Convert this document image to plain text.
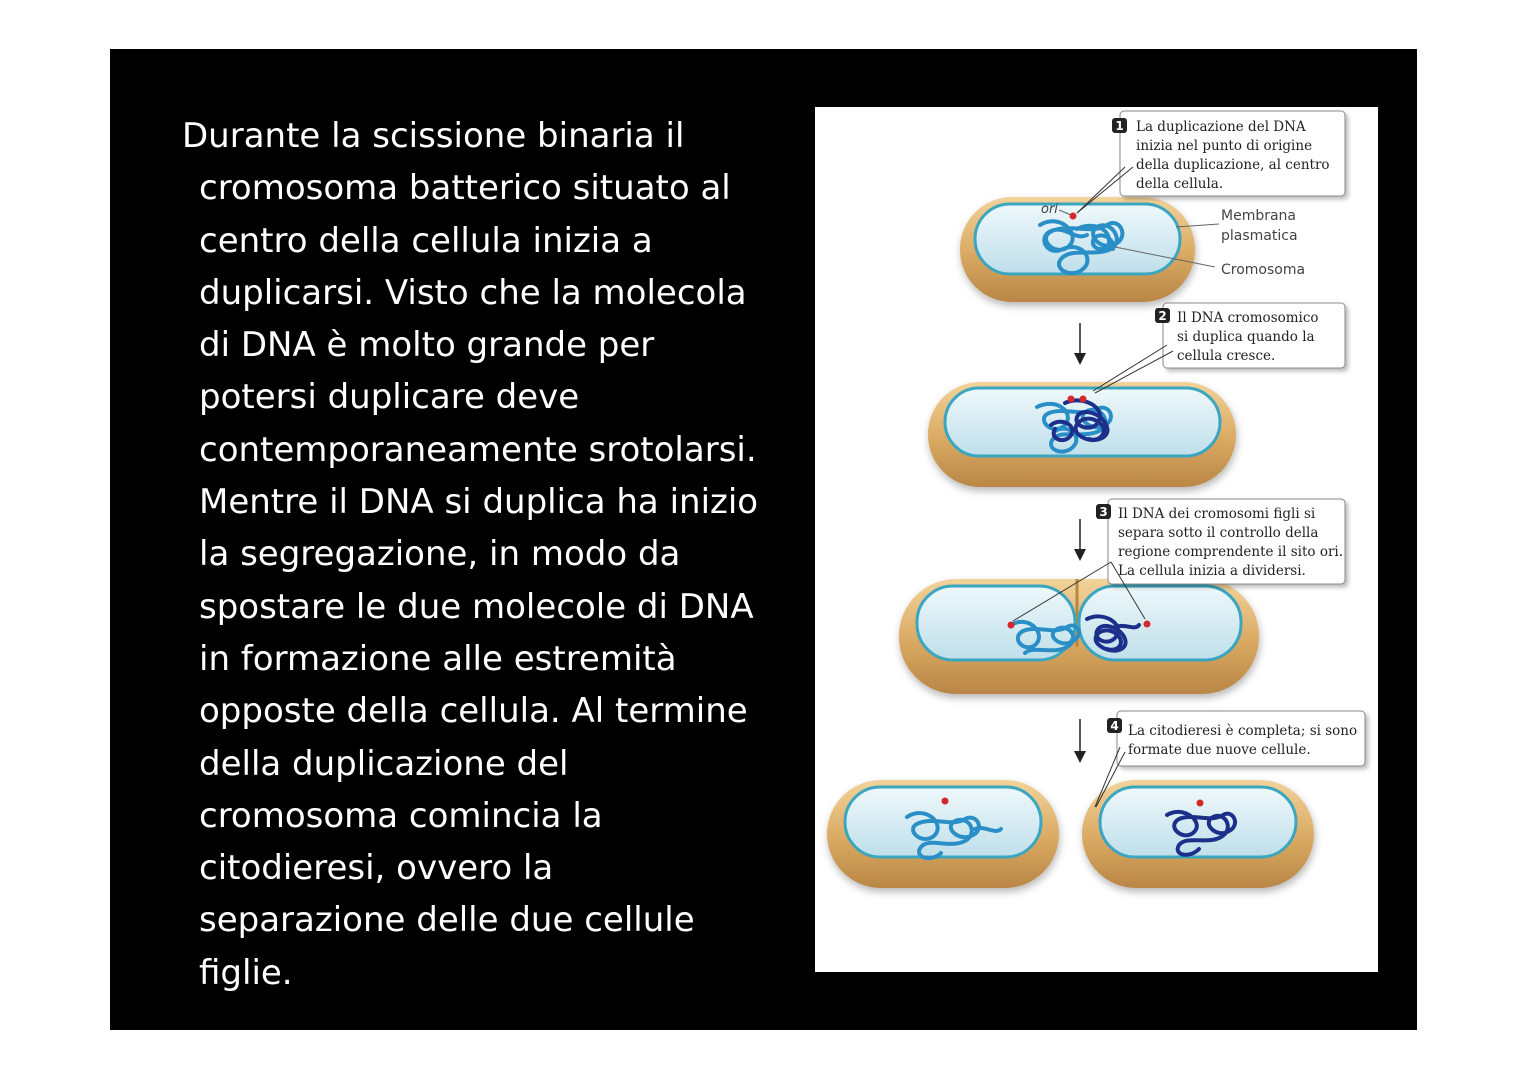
Durante la scissione binaria il
cromosoma batterico situato al
centro della cellula inizia a
duplicarsi. Visto che la molecola
di DNA è molto grande per
potersi duplicare deve
contemporaneamente srotolarsi.
Mentre il DNA si duplica ha inizio
la segregazione, in modo da
spostare le due molecole di DNA
in formazione alle estremità
opposte della cellula. Al termine
della duplicazione del
cromosoma comincia la
citodieresi, ovvero la
separazione delle due cellule
figlie.
ori	Membrana
plasmatica
Cromosoma
1 La duplicazione del DNA
inizia nel punto di origine
della duplicazione, al centro
della cellula.
2 Il DNA cromosomico
si duplica quando la
cellula cresce.
3 Il DNA dei cromosomi figli si
separa sotto il controllo della
regione comprendente il sito ori.
La cellula inizia a dividersi.
4 La citodieresi è completa; si sono
formate due nuove cellule.
